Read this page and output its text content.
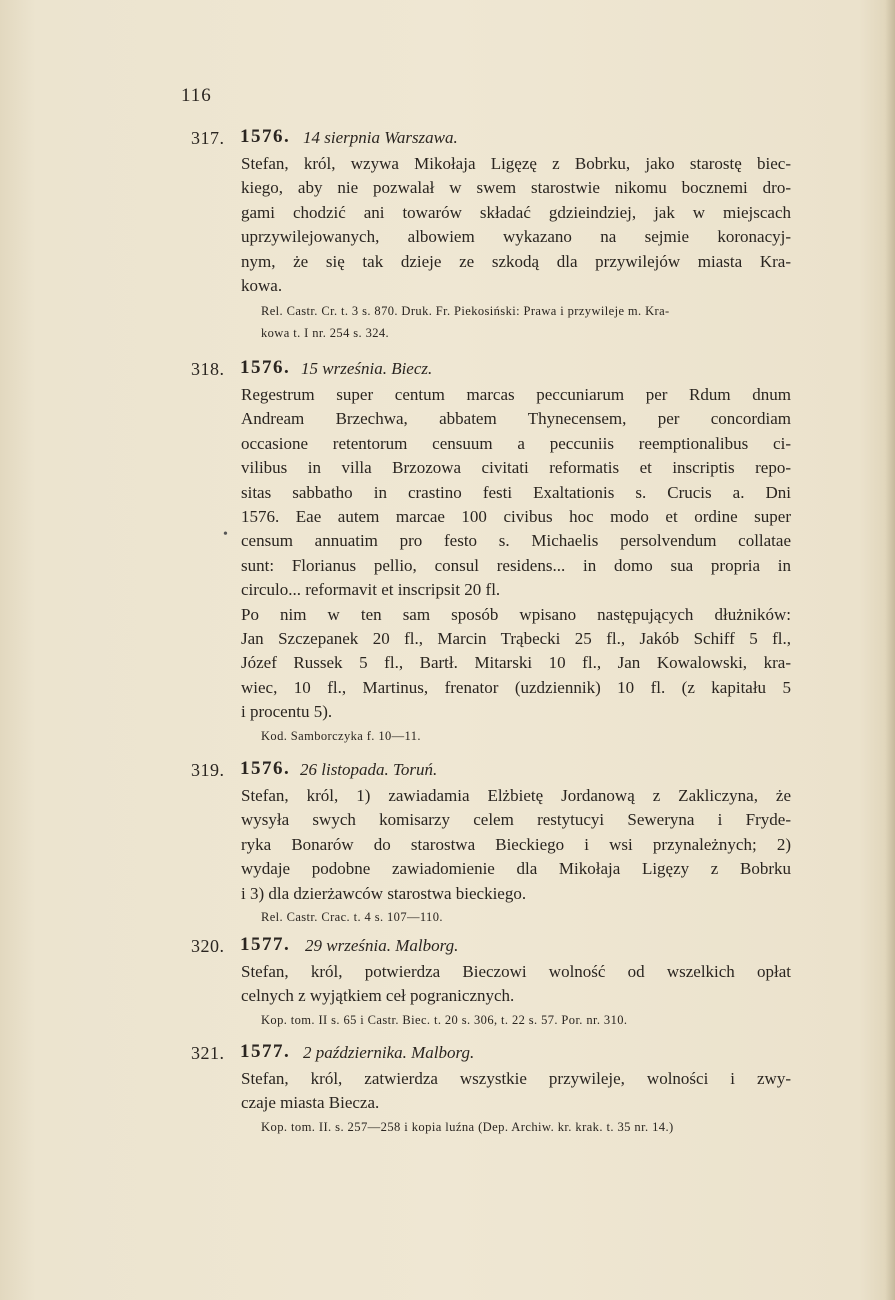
116
317. 1576. 14 sierpnia Warszawa.
Stefan, król, wzywa Mikołaja Ligęzę z Bobrku, jako starostę biec-
kiego, aby nie pozwalał w swem starostwie nikomu bocznemi dro-
gami chodzić ani towarów składać gdzieindziej, jak w miejscach
uprzywilejowanych, albowiem wykazano na sejmie koronacyj-
nym, że się tak dzieje ze szkodą dla przywilejów miasta Kra-
kowa.
Rel. Castr. Cr. t. 3 s. 870. Druk. Fr. Piekosiński: Prawa i przywileje m. Kra-
kowa t. I nr. 254 s. 324.
318. 1576. 15 września. Biecz.
Regestrum super centum marcas peccuniarum per Rdum dnum
Andream Brzechwa, abbatem Thynecensem, per concordiam
occasione retentorum censuum a peccuniis reemptionalibus ci-
vilibus in villa Brzozowa civitati reformatis et inscriptis repo-
sitas sabbatho in crastino festi Exaltationis s. Crucis a. Dni
1576. Eae autem marcae 100 civibus hoc modo et ordine super
censum annuatim pro festo s. Michaelis persolvendum collatae
sunt: Florianus pellio, consul residens... in domo sua propria in
circulo... reformavit et inscripsit 20 fl.
Po nim w ten sam sposób wpisano następujących dłużników:
Jan Szczepanek 20 fl., Marcin Trąbecki 25 fl., Jakób Schiff 5 fl.,
Józef Russek 5 fl., Bartł. Mitarski 10 fl., Jan Kowalowski, kra-
wiec, 10 fl., Martinus, frenator (uzdziennik) 10 fl. (z kapitału 5
i procentu 5).
Kod. Samborczyka f. 10—11.
319. 1576. 26 listopada. Toruń.
Stefan, król, 1) zawiadamia Elżbietę Jordanową z Zakliczyna, że
wysyła swych komisarzy celem restytucyi Seweryna i Fryde-
ryka Bonarów do starostwa Bieckiego i wsi przynależnych; 2)
wydaje podobne zawiadomienie dla Mikołaja Ligęzy z Bobrku
i 3) dla dzierżawców starostwa bieckiego.
Rel. Castr. Crac. t. 4 s. 107—110.
320. 1577. 29 września. Malborg.
Stefan, król, potwierdza Bieczowi wolność od wszelkich opłat
celnych z wyjątkiem ceł pogranicznych.
Kop. tom. II s. 65 i Castr. Biec. t. 20 s. 306, t. 22 s. 57. Por. nr. 310.
321. 1577. 2 października. Malborg.
Stefan, król, zatwierdza wszystkie przywileje, wolności i zwy-
czaje miasta Biecza.
Kop. tom. II. s. 257—258 i kopia luźna (Dep. Archiw. kr. krak. t. 35 nr. 14.)
•
